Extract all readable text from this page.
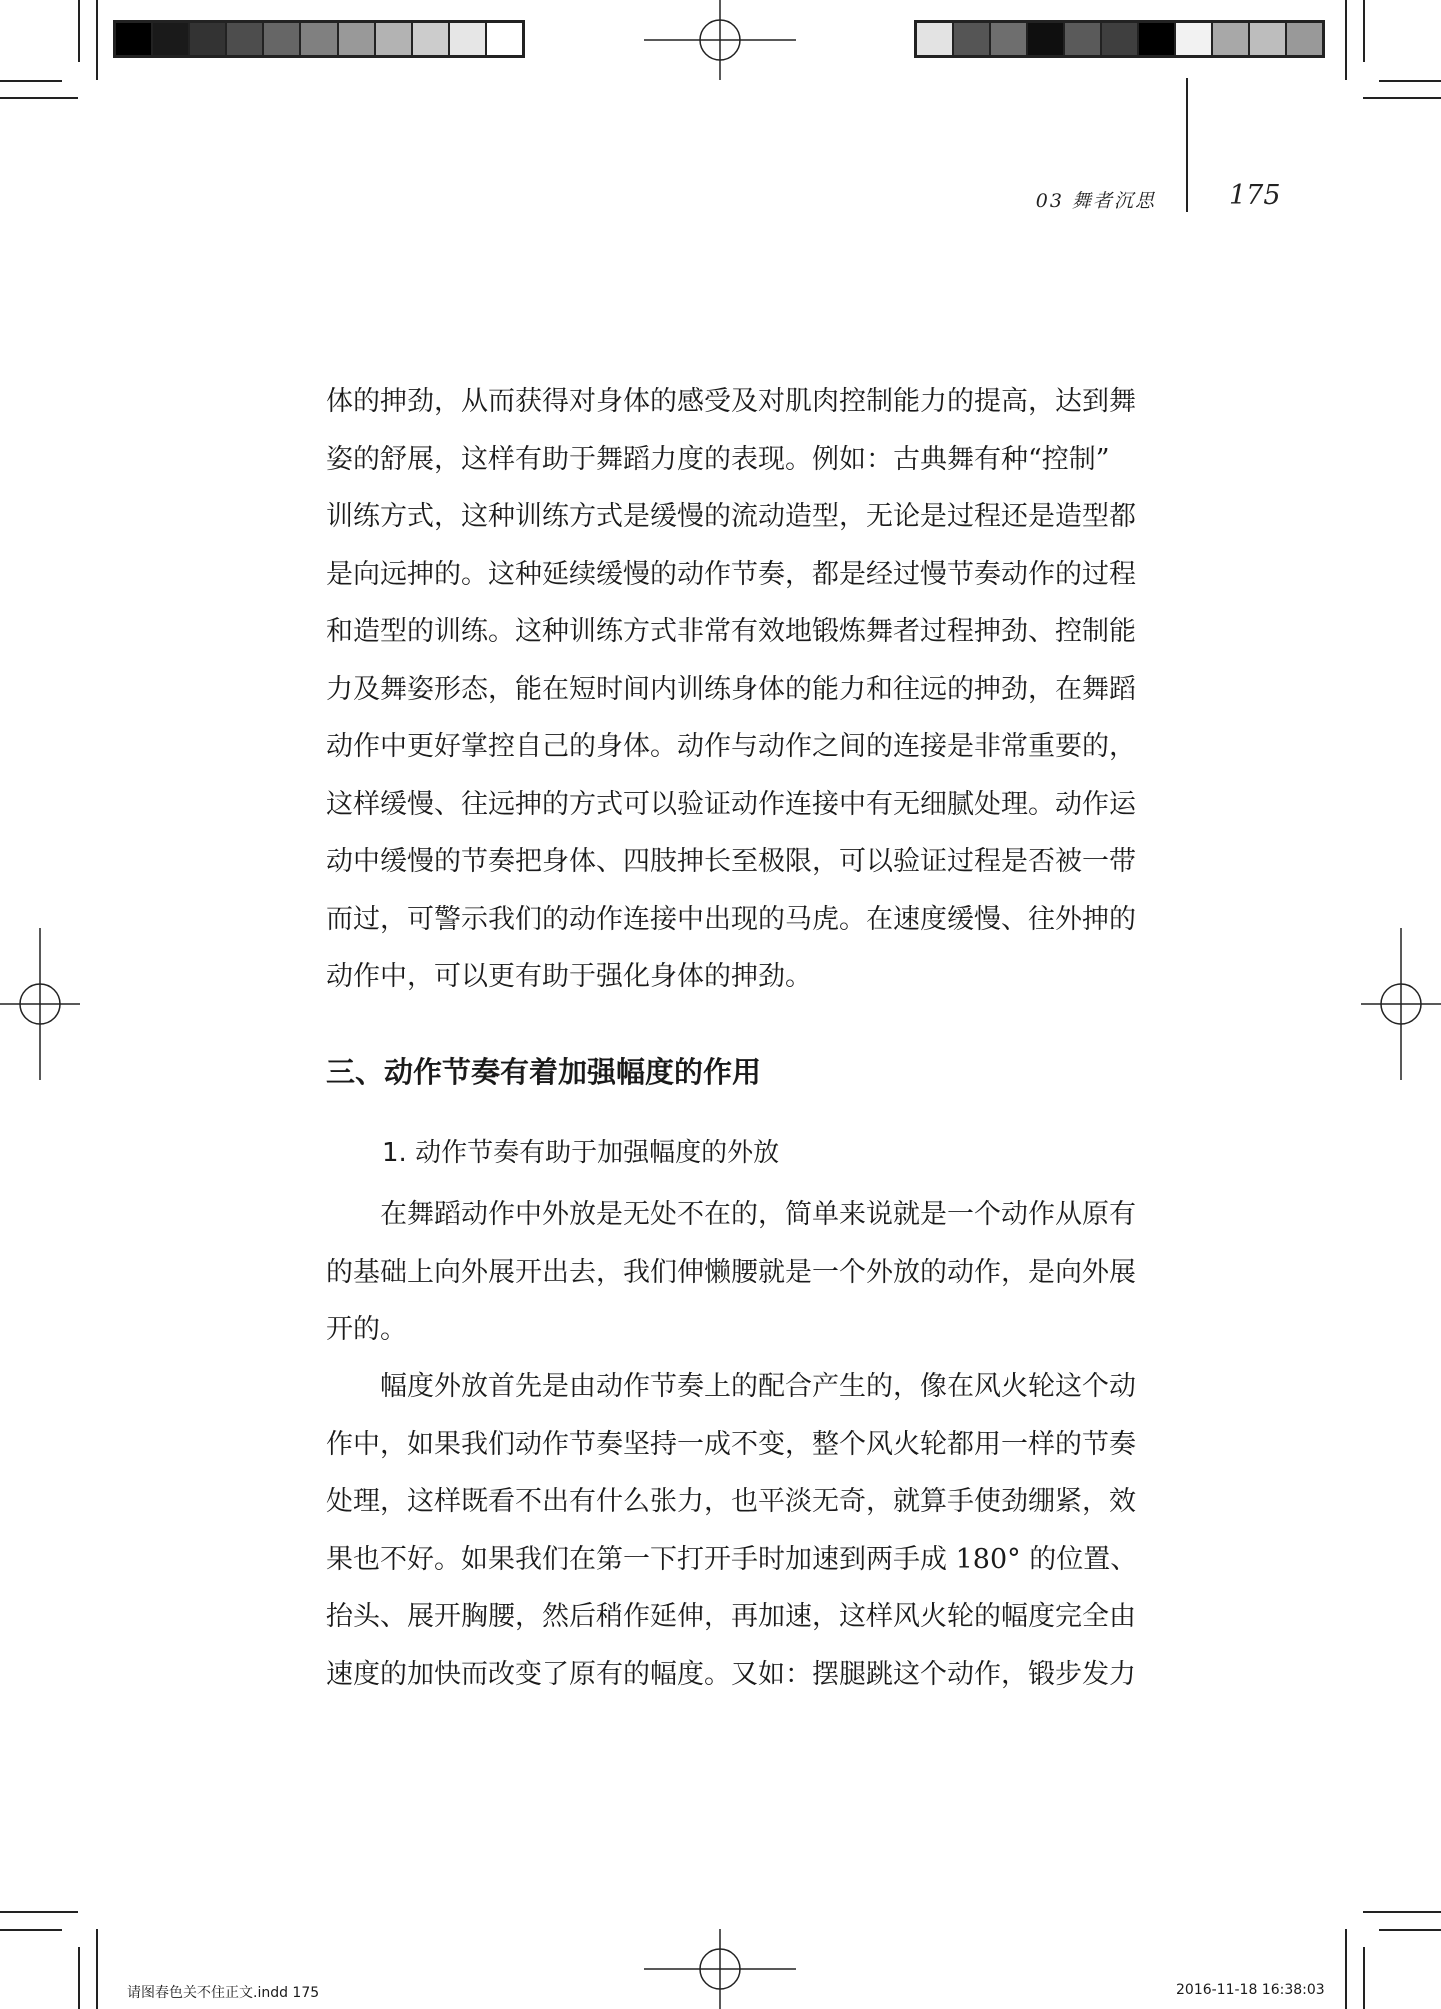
03 舞者沉思	175
体的抻劲，从而获得对身体的感受及对肌肉控制能力的提高，达到舞
姿的舒展，这样有助于舞蹈力度的表现。例如：古典舞有种“控制”
训练方式，这种训练方式是缓慢的流动造型，无论是过程还是造型都
是向远抻的。这种延续缓慢的动作节奏，都是经过慢节奏动作的过程
和造型的训练。这种训练方式非常有效地锻炼舞者过程抻劲、控制能
力及舞姿形态，能在短时间内训练身体的能力和往远的抻劲，在舞蹈
动作中更好掌控自己的身体。动作与动作之间的连接是非常重要的，
这样缓慢、往远抻的方式可以验证动作连接中有无细腻处理。动作运
动中缓慢的节奏把身体、四肢抻长至极限，可以验证过程是否被一带
而过，可警示我们的动作连接中出现的马虎。在速度缓慢、往外抻的
动作中，可以更有助于强化身体的抻劲。
三、动作节奏有着加强幅度的作用
1. 动作节奏有助于加强幅度的外放
在舞蹈动作中外放是无处不在的，简单来说就是一个动作从原有
的基础上向外展开出去，我们伸懒腰就是一个外放的动作，是向外展
开的。
幅度外放首先是由动作节奏上的配合产生的，像在风火轮这个动
作中，如果我们动作节奏坚持一成不变，整个风火轮都用一样的节奏
处理，这样既看不出有什么张力，也平淡无奇，就算手使劲绷紧，效
果也不好。如果我们在第一下打开手时加速到两手成 180° 的位置、
抬头、展开胸腰，然后稍作延伸，再加速，这样风火轮的幅度完全由
速度的加快而改变了原有的幅度。又如：摆腿跳这个动作，锻步发力
请图春色关不住正文.indd 175	2016-11-18 16:38:03
